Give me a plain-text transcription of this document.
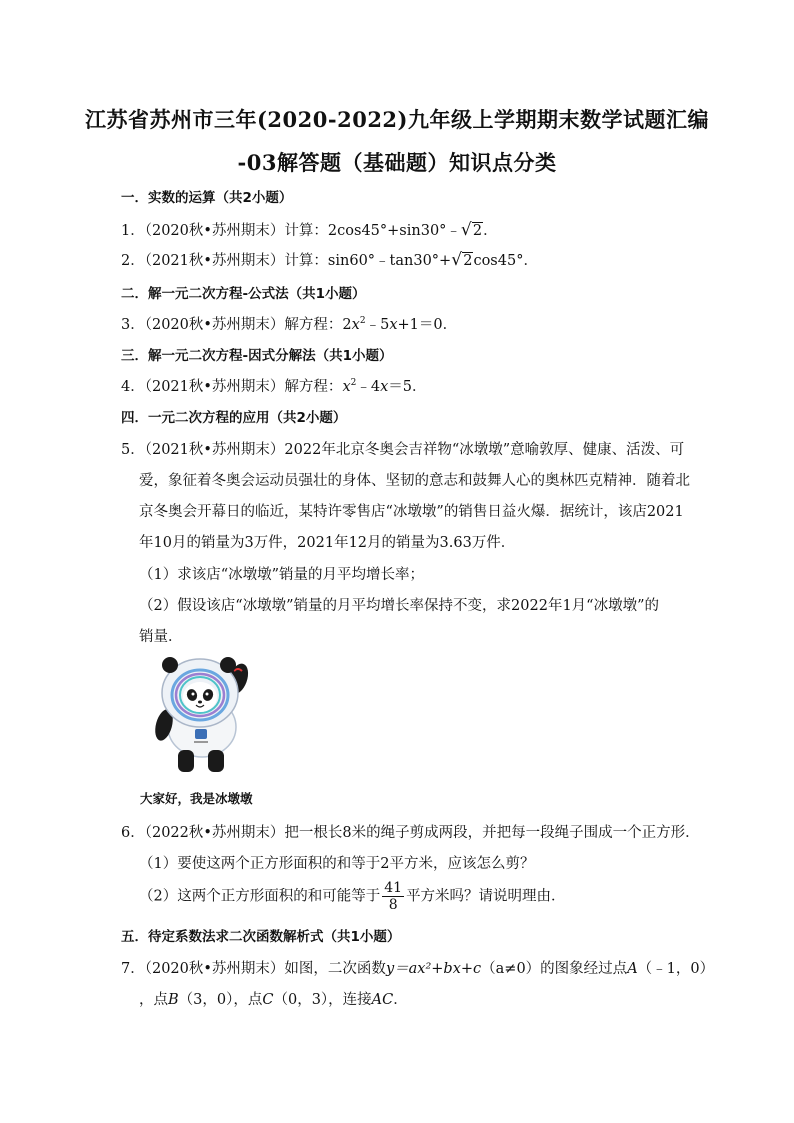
江苏省苏州市三年(2020-2022)九年级上学期期末数学试题汇编
-03解答题（基础题）知识点分类
一．实数的运算（共2小题）
1．（2020秋•苏州期末）计算：2cos45°+sin30°﹣ √ 2．
2．（2021秋•苏州期末）计算：sin60°﹣tan30°+ √ 2cos45°．
二．解一元二次方程-公式法（共1小题）
3．（2020秋•苏州期末）解方程：$2x^2﹣5x+1=0$．
三．解一元二次方程-因式分解法（共1小题）
4．（2021秋•苏州期末）解方程：$x^2﹣4x=5$．
四．一元二次方程的应用（共2小题）
5．（2021秋•苏州期末）2022年北京冬奥会吉祥物“冰墩墩”意喻敦厚、健康、活泼、可
爱，象征着冬奥会运动员强壮的身体、坚韧的意志和鼓舞人心的奥林匹克精神．随着北
京冬奥会开幕日的临近，某特许零售店“冰墩墩”的销售日益火爆．据统计，该店2021
年10月的销量为3万件，2021年12月的销量为3.63万件．
（1）求该店“冰墩墩”销量的月平均增长率；
（2）假设该店“冰墩墩”销量的月平均增长率保持不变，求2022年1月“冰墩墩”的
销量．
大家好，我是冰墩墩
6．（2022秋•苏州期末）把一根长8米的绳子剪成两段，并把每一段绳子围成一个正方形．
（1）要使这两个正方形面积的和等于2平方米，应该怎么剪？
（2）这两个正方形面积的和可能等于 $\frac{41}{8}$ 平方米吗？请说明理由．
五．待定系数法求二次函数解析式（共1小题）
7．（2020秋•苏州期末）如图，二次函数y＝ax²+bx+c（a≠0）的图象经过点A（﹣1，0）
，点B（3，0），点C（0，3），连接AC．
